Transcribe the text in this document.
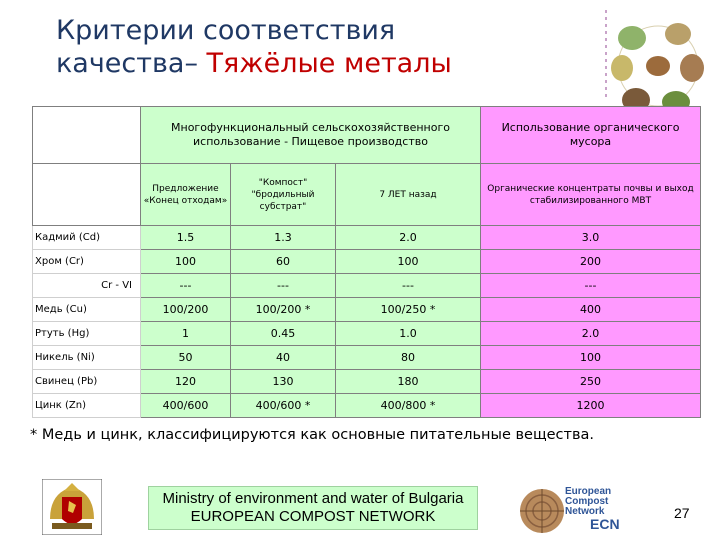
Критерии соответствия
качества– Тяжёлые металы
	Многофункциональный сельскохозяйственного использование - Пищевое производство			Использование органического мусора
	Предложение «Конец отходам»	"Компост" "бродильный субстрат"	7 ЛЕТ назад	Органические концентраты почвы и выход стабилизированного МВТ
Кадмий (Cd)	1.5	1.3	2.0	3.0
Хром (Cr)	100	60	100	200
Cr - VI	---	---	---	---
Медь (Cu)	100/200	100/200 *	100/250 *	400
Ртуть (Hg)	1	0.45	1.0	2.0
Никель (Ni)	50	40	80	100
Свинец (Pb)	120	130	180	250
Цинк (Zn)	400/600	400/600 *	400/800 *	1200
* Медь и цинк, классифицируются как основные питательные вещества.
Ministry of environment and water of Bulgaria
EUROPEAN COMPOST NETWORK
European
Compost
Network
ECN
27
